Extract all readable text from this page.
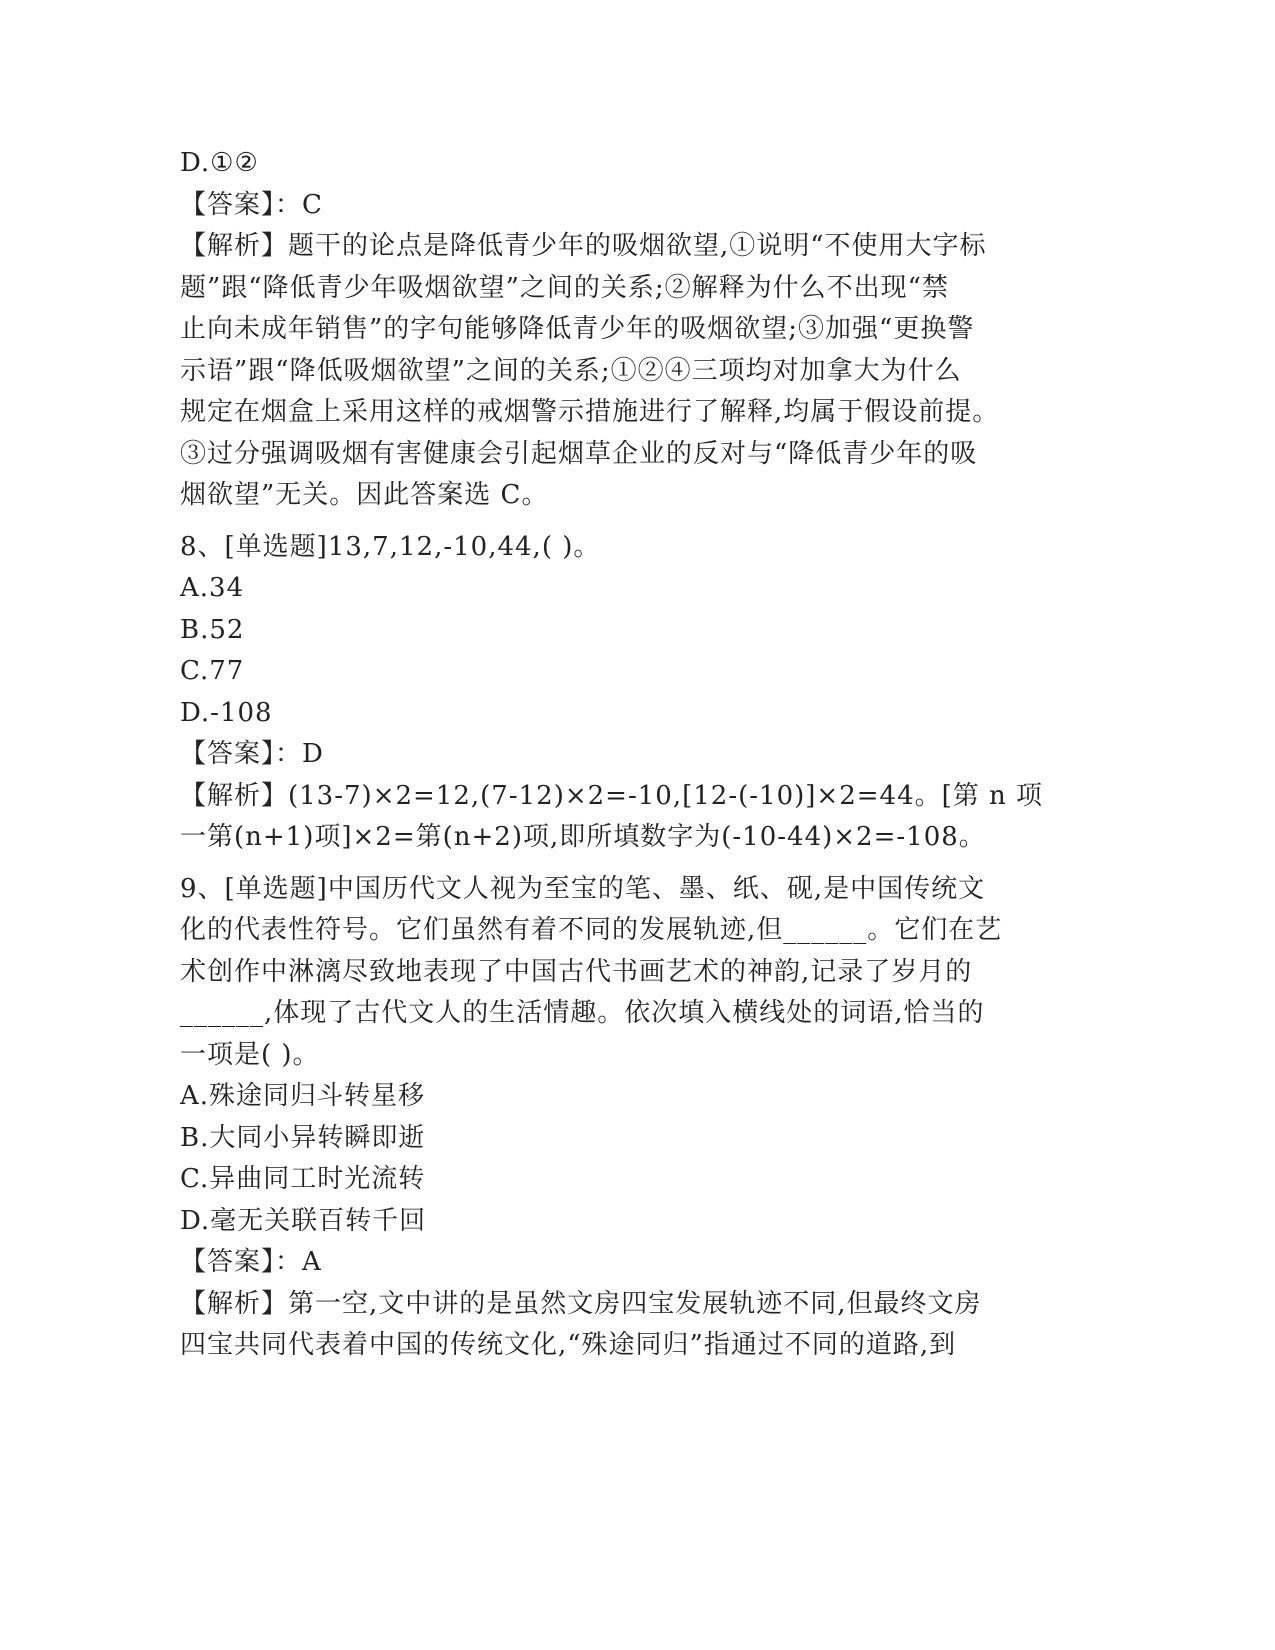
D.①②
【答案】：C

【解析】题干的论点是降低青少年的吸烟欲望,①说明“不使用大字标
题”跟“降低青少年吸烟欲望”之间的关系;②解释为什么不出现“禁
止向未成年销售”的字句能够降低青少年的吸烟欲望;③加强“更换警
示语”跟“降低吸烟欲望”之间的关系;①②④三项均对加拿大为什么
规定在烟盒上采用这样的戒烟警示措施进行了解释,均属于假设前提。
③过分强调吸烟有害健康会引起烟草企业的反对与“降低青少年的吸
烟欲望”无关。因此答案选 C。

8、[单选题]13,7,12,-10,44,( )。
A.34
B.52
C.77
D.-108
【答案】：D

【解析】(13-7)×2=12,(7-12)×2=-10,[12-(-10)]×2=44。[第 n 项
一第(n+1)项]×2=第(n+2)项,即所填数字为(-10-44)×2=-108。

9、[单选题]中国历代文人视为至宝的笔、墨、纸、砚,是中国传统文
化的代表性符号。它们虽然有着不同的发展轨迹,但______。它们在艺
术创作中淋漓尽致地表现了中国古代书画艺术的神韵,记录了岁月的
______,体现了古代文人的生活情趣。依次填入横线处的词语,恰当的
一项是( )。

A.殊途同归斗转星移
B.大同小异转瞬即逝
C.异曲同工时光流转
D.毫无关联百转千回
【答案】：A

【解析】第一空,文中讲的是虽然文房四宝发展轨迹不同,但最终文房
四宝共同代表着中国的传统文化,“殊途同归”指通过不同的道路,到
